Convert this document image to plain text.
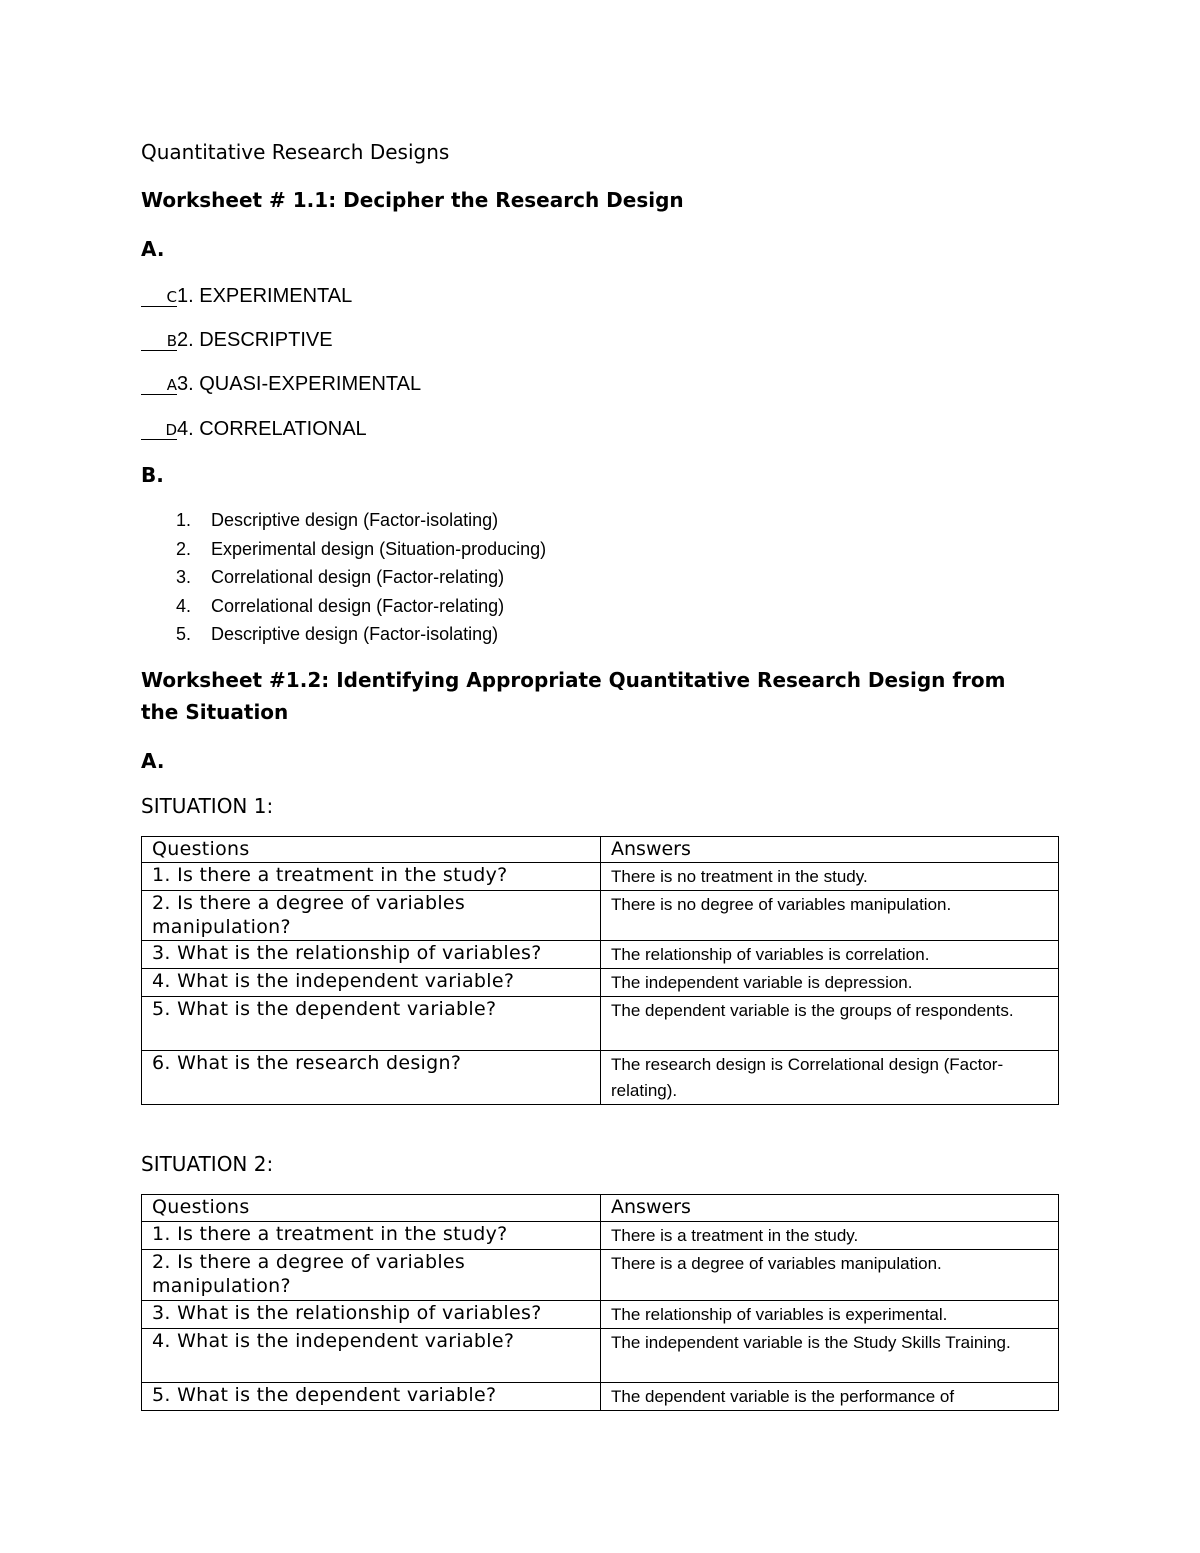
Quantitative Research Designs
Worksheet # 1.1: Decipher the Research Design
A.
C1. EXPERIMENTAL
B2. DESCRIPTIVE
A3. QUASI-EXPERIMENTAL
D4. CORRELATIONAL
B.
1. Descriptive design (Factor-isolating)
2. Experimental design (Situation-producing)
3. Correlational design (Factor-relating)
4. Correlational design (Factor-relating)
5. Descriptive design (Factor-isolating)
Worksheet #1.2: Identifying Appropriate Quantitative Research Design from
the Situation
A.
SITUATION 1:
Questions	Answers
1. Is there a treatment in the study?	There is no treatment in the study.
2. Is there a degree of variables manipulation?	There is no degree of variables manipulation.
3. What is the relationship of variables?	The relationship of variables is correlation.
4. What is the independent variable?	The independent variable is depression.
5. What is the dependent variable?	The dependent variable is the groups of respondents.
6. What is the research design?	The research design is Correlational design (Factor-relating).
SITUATION 2:
Questions	Answers
1. Is there a treatment in the study?	There is a treatment in the study.
2. Is there a degree of variables manipulation?	There is a degree of variables manipulation.
3. What is the relationship of variables?	The relationship of variables is experimental.
4. What is the independent variable?	The independent variable is the Study Skills Training.
5. What is the dependent variable?	The dependent variable is the performance of
